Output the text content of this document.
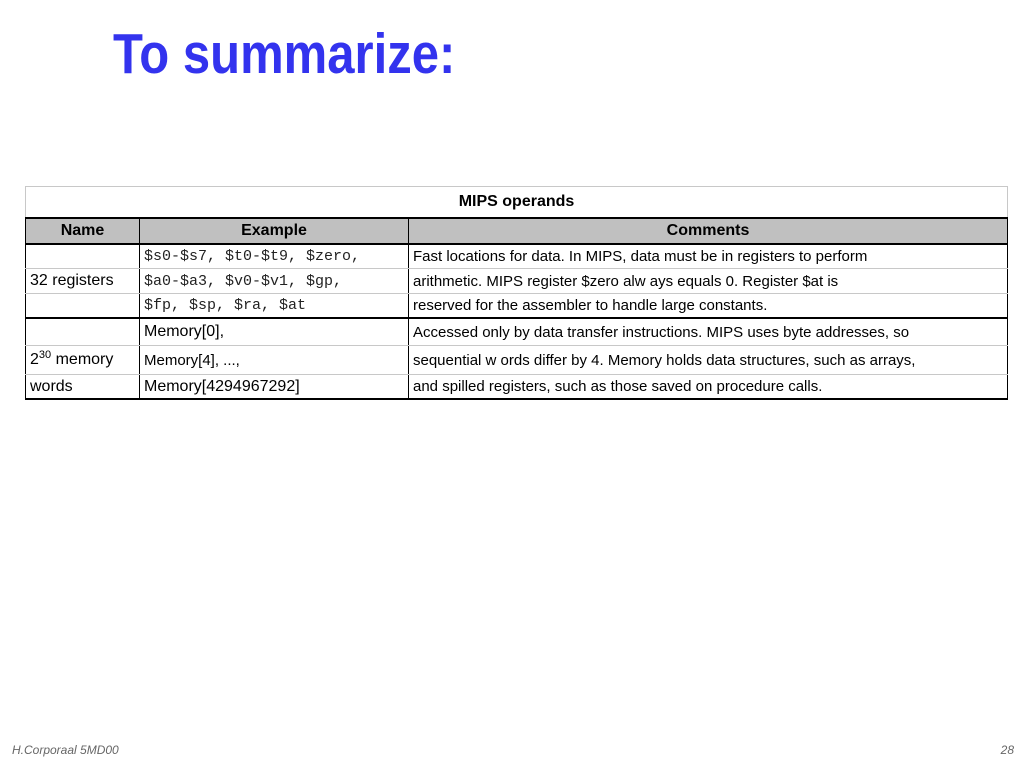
To summarize:
MIPS operands		
Name	Example	Comments
	$s0-$s7, $t0-$t9, $zero,	Fast locations for data. In MIPS, data must be in registers to perform
32 registers	$a0-$a3, $v0-$v1, $gp,	arithmetic. MIPS register $zero alw ays equals 0. Register $at is
	$fp, $sp, $ra, $at	reserved for the assembler to handle large constants.
	Memory[0],	Accessed only by data transfer instructions. MIPS uses byte addresses, so
$2^{30}$ memory	Memory[4], ...,	sequential w ords differ by 4. Memory holds data structures, such as arrays,
words	Memory[4294967292]	and spilled registers, such as those saved on procedure calls.
H.Corporaal 5MD00	28
